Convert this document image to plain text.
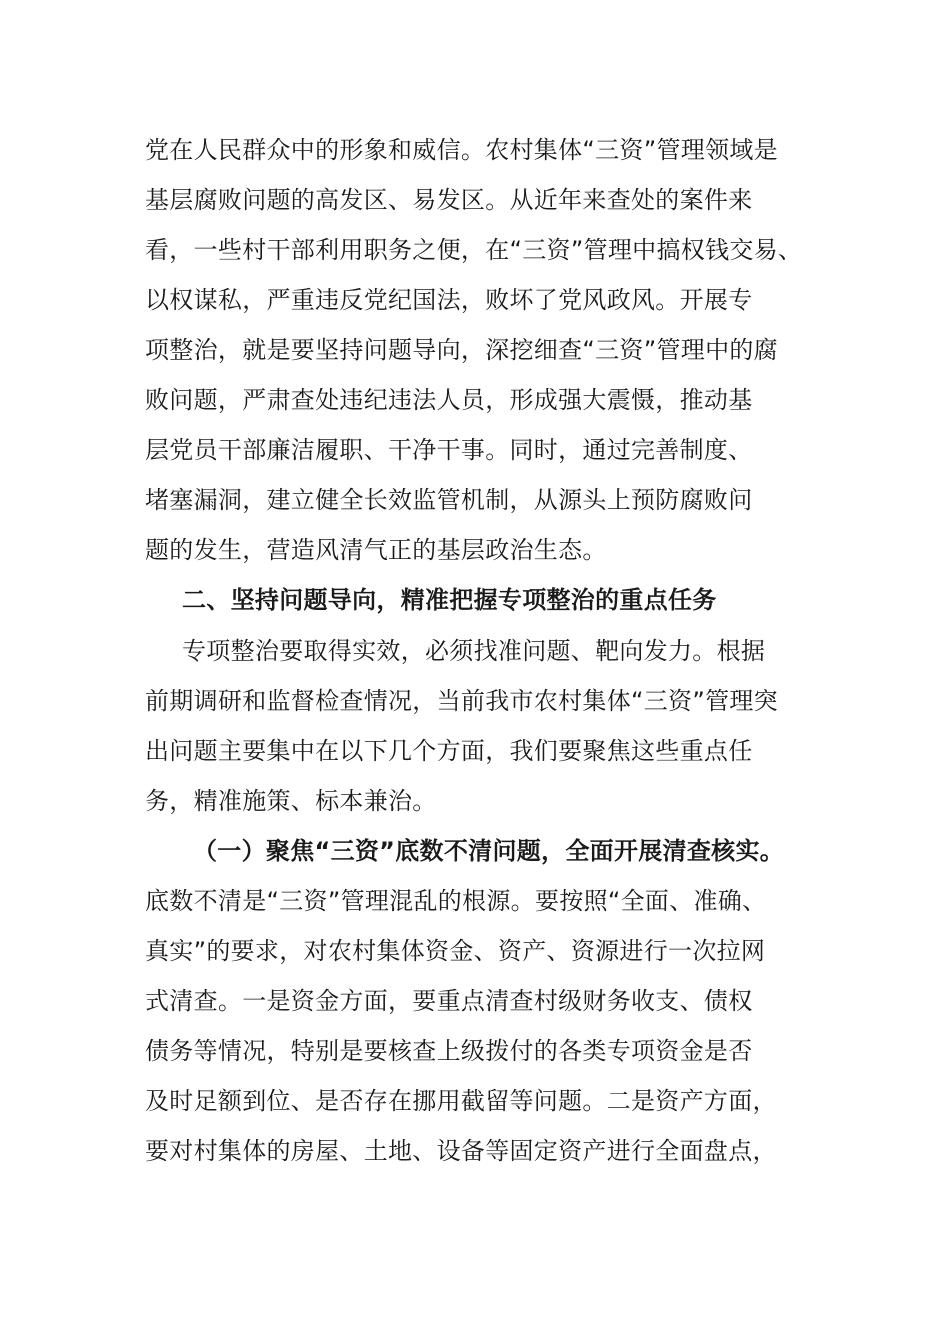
党在人民群众中的形象和威信。农村集体“三资”管理领域是
基层腐败问题的高发区、易发区。从近年来查处的案件来
看，一些村干部利用职务之便，在“三资”管理中搞权钱交易、
以权谋私，严重违反党纪国法，败坏了党风政风。开展专
项整治，就是要坚持问题导向，深挖细查“三资”管理中的腐
败问题，严肃查处违纪违法人员，形成强大震慑，推动基
层党员干部廉洁履职、干净干事。同时，通过完善制度、
堵塞漏洞，建立健全长效监管机制，从源头上预防腐败问
题的发生，营造风清气正的基层政治生态。
二、坚持问题导向，精准把握专项整治的重点任务
专项整治要取得实效，必须找准问题、靶向发力。根据
前期调研和监督检查情况，当前我市农村集体“三资”管理突
出问题主要集中在以下几个方面，我们要聚焦这些重点任
务，精准施策、标本兼治。
（一）聚焦“三资”底数不清问题，全面开展清查核实。
底数不清是“三资”管理混乱的根源。要按照“全面、准确、
真实”的要求，对农村集体资金、资产、资源进行一次拉网
式清查。一是资金方面，要重点清查村级财务收支、债权
债务等情况，特别是要核查上级拨付的各类专项资金是否
及时足额到位、是否存在挪用截留等问题。二是资产方面，
要对村集体的房屋、土地、设备等固定资产进行全面盘点，
